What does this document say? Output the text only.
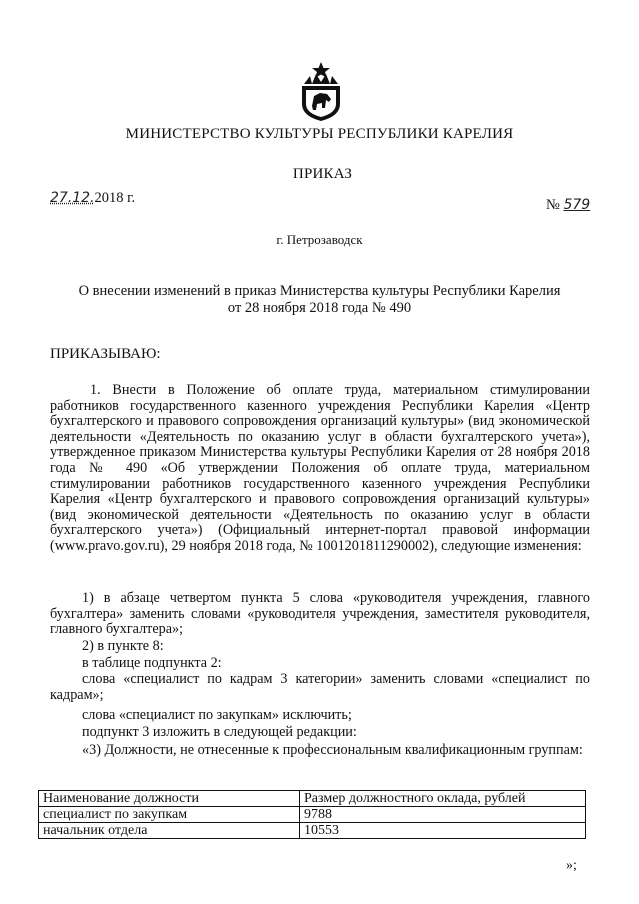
МИНИСТЕРСТВО КУЛЬТУРЫ РЕСПУБЛИКИ КАРЕЛИЯ
ПРИКАЗ
27.12.2018 г.	№ 579
г. Петрозаводск
О внесении изменений в приказ Министерства культуры Республики Карелия
от 28 ноября 2018 года № 490
ПРИКАЗЫВАЮ:
1. Внести в Положение об оплате труда, материальном стимулировании работников государственного казенного учреждения Республики Карелия «Центр бухгалтерского и правового сопровождения организаций культуры» (вид экономической деятельности «Деятельность по оказанию услуг в области бухгалтерского учета»), утвержденное приказом Министерства культуры Республики Карелия от 28 ноября 2018 года № 490 «Об утверждении Положения об оплате труда, материальном стимулировании работников государственного казенного учреждения Республики Карелия «Центр бухгалтерского и правового сопровождения организаций культуры» (вид экономической деятельности «Деятельность по оказанию услуг в области бухгалтерского учета») (Официальный интернет-портал правовой информации (www.pravo.gov.ru), 29 ноября 2018 года, № 1001201811290002), следующие изменения:
1) в абзаце четвертом пункта 5 слова «руководителя учреждения, главного бухгалтера» заменить словами «руководителя учреждения, заместителя руководителя, главного бухгалтера»;
2) в пункте 8:
в таблице подпункта 2:
слова «специалист по кадрам 3 категории» заменить словами «специалист по кадрам»;
слова «специалист по закупкам» исключить;
подпункт 3 изложить в следующей редакции:
«3) Должности, не отнесенные к профессиональным квалификационным группам:
Наименование должности	Размер должностного оклада, рублей
специалист по закупкам	9788
начальник отдела	10553
»;
